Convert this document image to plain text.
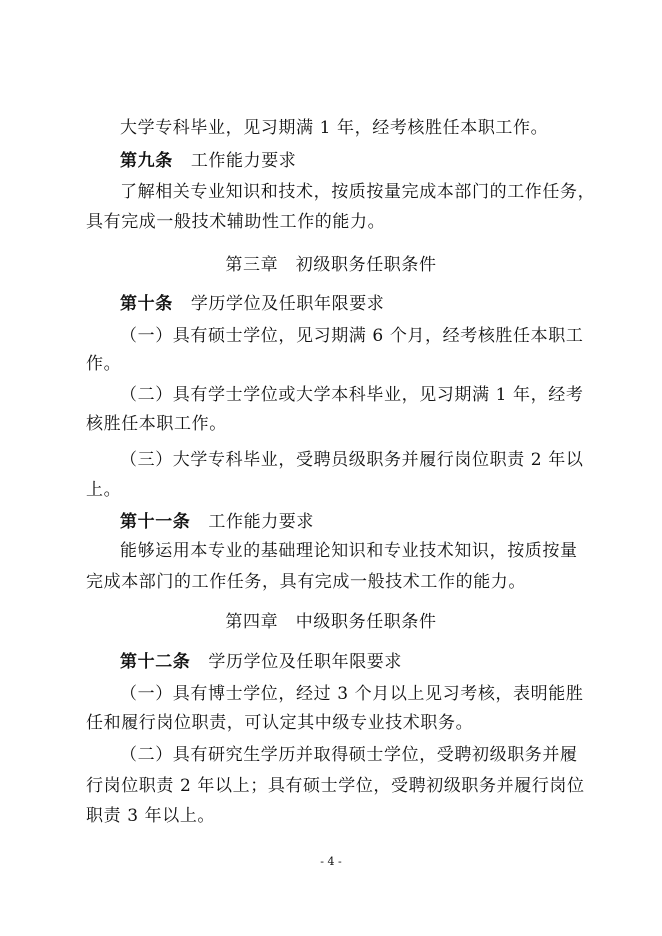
大学专科毕业，见习期满 1 年，经考核胜任本职工作。
第九条 工作能力要求
了解相关专业知识和技术，按质按量完成本部门的工作任务，
具有完成一般技术辅助性工作的能力。
第三章　初级职务任职条件
第十条 学历学位及任职年限要求
（一）具有硕士学位，见习期满 6 个月，经考核胜任本职工
作。
（二）具有学士学位或大学本科毕业，见习期满 1 年，经考
核胜任本职工作。
（三）大学专科毕业，受聘员级职务并履行岗位职责 2 年以
上。
第十一条 工作能力要求
能够运用本专业的基础理论知识和专业技术知识，按质按量
完成本部门的工作任务，具有完成一般技术工作的能力。
第四章　中级职务任职条件
第十二条 学历学位及任职年限要求
（一）具有博士学位，经过 3 个月以上见习考核，表明能胜
任和履行岗位职责，可认定其中级专业技术职务。
（二）具有研究生学历并取得硕士学位，受聘初级职务并履
行岗位职责 2 年以上；具有硕士学位，受聘初级职务并履行岗位
职责 3 年以上。
- 4 -
